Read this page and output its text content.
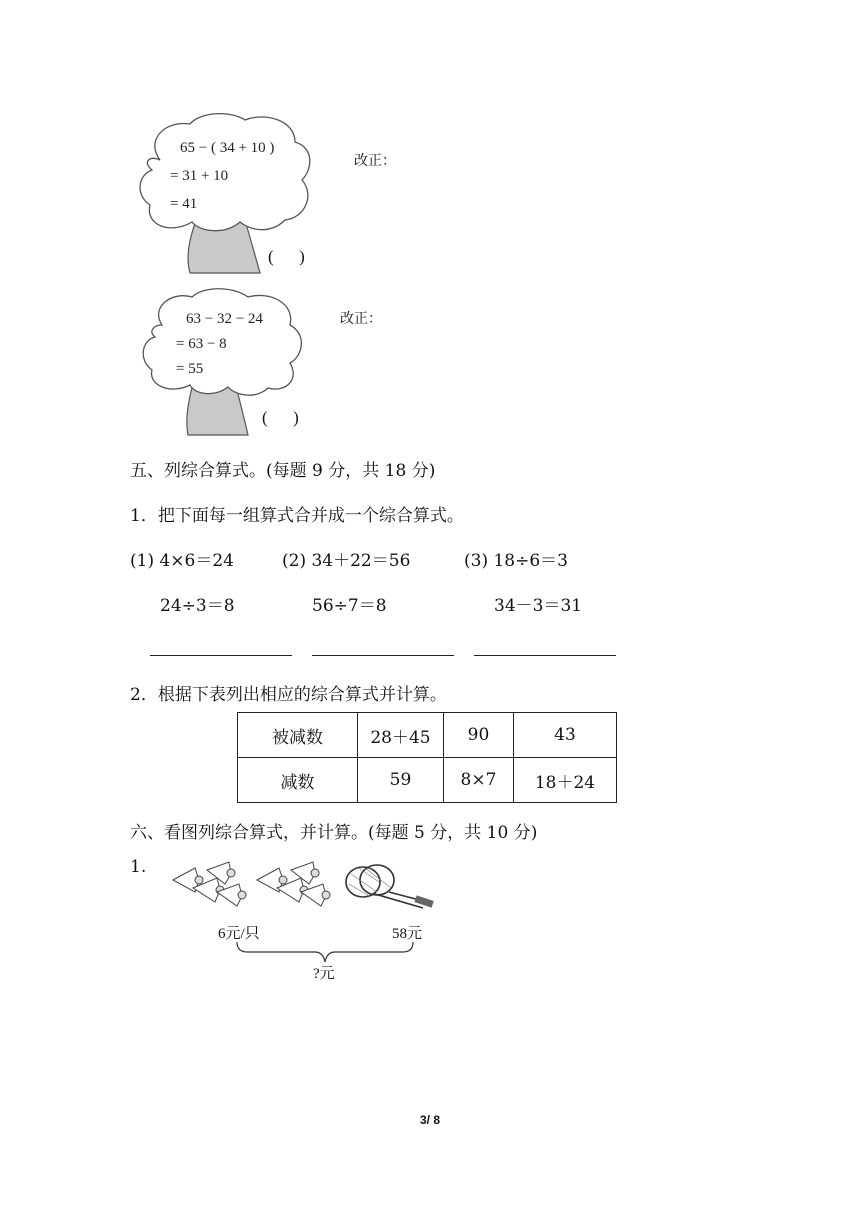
65 − ( 34 + 10 )
= 31 + 10
= 41
(      )
改正：
63 − 32 − 24
= 63 − 8
= 55
(      )
改正：
五、列综合算式。(每题 9 分，共 18 分)
1．把下面每一组算式合并成一个综合算式。
(1) 4×6＝24	(2) 34＋22＝56	(3) 18÷6＝3
24÷3＝8	56÷7＝8	34－3＝31
2．根据下表列出相应的综合算式并计算。
被减数	28＋45	90	43
减数	59	8×7	18＋24
六、看图列综合算式，并计算。(每题 5 分，共 10 分)
1.
6元/只	58元
?元
3/ 8
